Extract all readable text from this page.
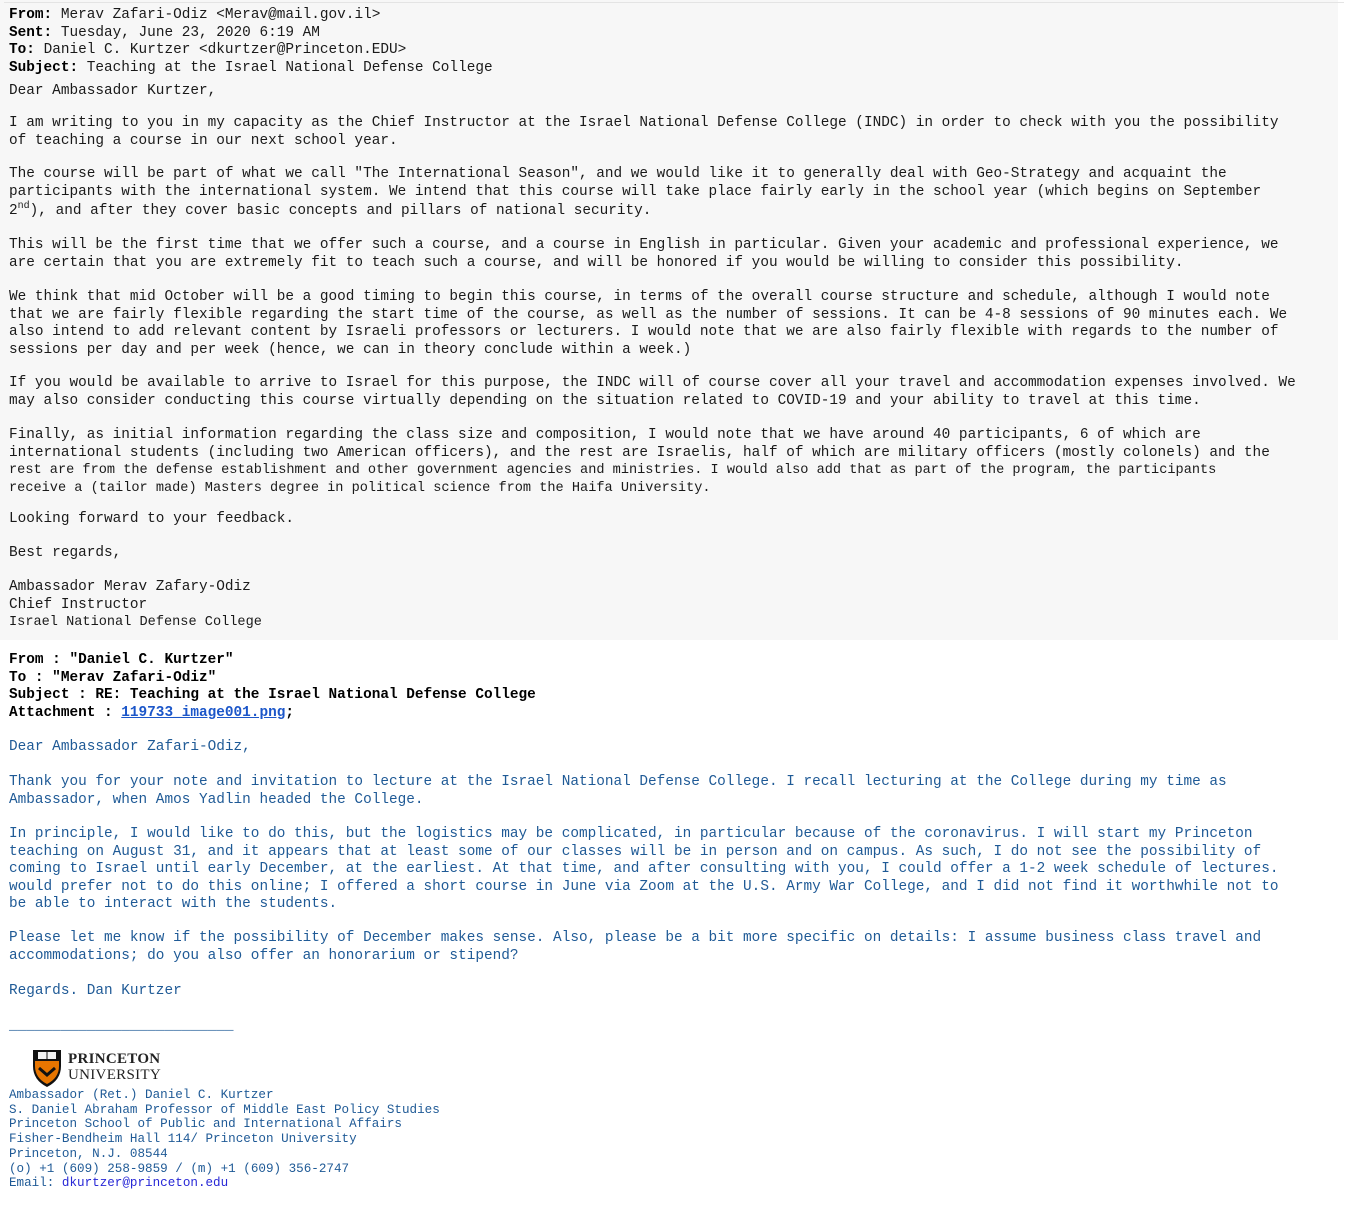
From: Merav Zafari-Odiz <Merav@mail.gov.il>
Sent: Tuesday, June 23, 2020 6:19 AM
To: Daniel C. Kurtzer <dkurtzer@Princeton.EDU>
Subject: Teaching at the Israel National Defense College

Dear Ambassador Kurtzer,

I am writing to you in my capacity as the Chief Instructor at the Israel National Defense College (INDC) in order to check with you the possibility

of teaching a course in our next school year.

The course will be part of what we call "The International Season", and we would like it to generally deal with Geo-Strategy and acquaint the

participants with the international system. We intend that this course will take place fairly early in the school year (which begins on September

2nd), and after they cover basic concepts and pillars of national security.

This will be the first time that we offer such a course, and a course in English in particular. Given your academic and professional experience, we

are certain that you are extremely fit to teach such a course, and will be honored if you would be willing to consider this possibility.

We think that mid October will be a good timing to begin this course, in terms of the overall course structure and schedule, although I would note

that we are fairly flexible regarding the start time of the course, as well as the number of sessions. It can be 4-8 sessions of 90 minutes each. We

also intend to add relevant content by Israeli professors or lecturers. I would note that we are also fairly flexible with regards to the number of

sessions per day and per week (hence, we can in theory conclude within a week.)

If you would be available to arrive to Israel for this purpose, the INDC will of course cover all your travel and accommodation expenses involved. We

may also consider conducting this course virtually depending on the situation related to COVID-19 and your ability to travel at this time.

Finally, as initial information regarding the class size and composition, I would note that we have around 40 participants, 6 of which are

international students (including two American officers), and the rest are Israelis, half of which are military officers (mostly colonels) and the

rest are from the defense establishment and other government agencies and ministries. I would also add that as part of the program, the participants

receive a (tailor made) Masters degree in political science from the Haifa University.

Looking forward to your feedback.

Best regards,

Ambassador Merav Zafary-Odiz

Chief Instructor

Israel National Defense College

From : "Daniel C. Kurtzer"
To : "Merav Zafari-Odiz"
Subject : RE: Teaching at the Israel National Defense College
Attachment : 119733_image001.png;

Dear Ambassador Zafari-Odiz,

Thank you for your note and invitation to lecture at the Israel National Defense College. I recall lecturing at the College during my time as

Ambassador, when Amos Yadlin headed the College.

In principle, I would like to do this, but the logistics may be complicated, in particular because of the coronavirus. I will start my Princeton

teaching on August 31, and it appears that at least some of our classes will be in person and on campus. As such, I do not see the possibility of

coming to Israel until early December, at the earliest. At that time, and after consulting with you, I could offer a 1-2 week schedule of lectures.

would prefer not to do this online; I offered a short course in June via Zoom at the U.S. Army War College, and I did not find it worthwhile not to

be able to interact with the students.

Please let me know if the possibility of December makes sense. Also, please be a bit more specific on details: I assume business class travel and

accommodations; do you also offer an honorarium or stipend?

Regards. Dan Kurtzer

__________________________

PRINCETON
UNIVERSITY

Ambassador (Ret.) Daniel C. Kurtzer

S. Daniel Abraham Professor of Middle East Policy Studies

Princeton School of Public and International Affairs

Fisher-Bendheim Hall 114/ Princeton University

Princeton, N.J. 08544

(o) +1 (609) 258-9859 / (m) +1 (609) 356-2747

Email: dkurtzer@princeton.edu
